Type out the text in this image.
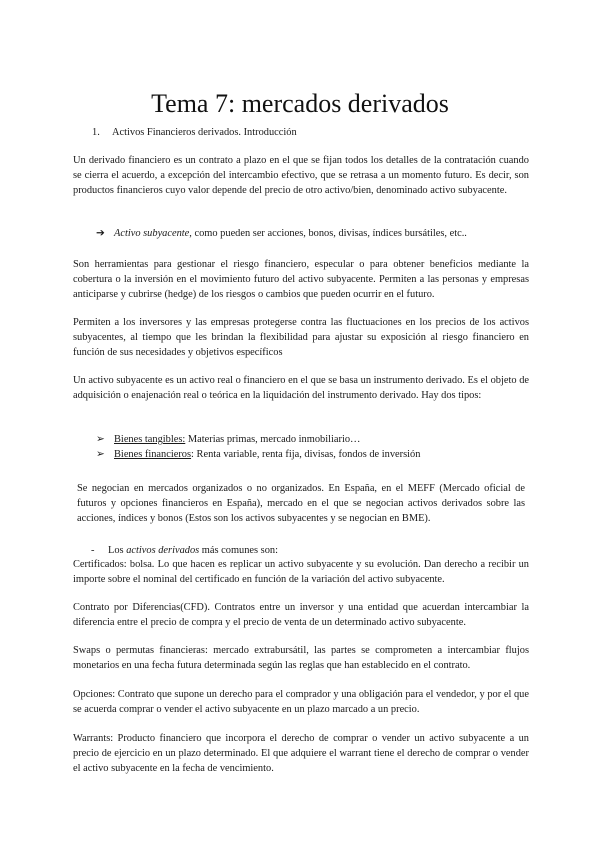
Tema 7: mercados derivados
1. Activos Financieros derivados. Introducción
Un derivado financiero es un contrato a plazo en el que se fijan todos los detalles de la contratación cuando se cierra el acuerdo, a excepción del intercambio efectivo, que se retrasa a un momento futuro. Es decir, son productos financieros cuyo valor depende del precio de otro activo/bien, denominado activo subyacente.
➔ Activo subyacente, como pueden ser acciones, bonos, divisas, índices bursátiles, etc..
Son herramientas para gestionar el riesgo financiero, especular o para obtener beneficios mediante la cobertura o la inversión en el movimiento futuro del activo subyacente. Permiten a las personas y empresas anticiparse y cubrirse (hedge) de los riesgos o cambios que pueden ocurrir en el futuro.
Permiten a los inversores y las empresas protegerse contra las fluctuaciones en los precios de los activos subyacentes, al tiempo que les brindan la flexibilidad para ajustar su exposición al riesgo financiero en función de sus necesidades y objetivos específicos
Un activo subyacente es un activo real o financiero en el que se basa un instrumento derivado. Es el objeto de adquisición o enajenación real o teórica en la liquidación del instrumento derivado. Hay dos tipos:
➢ Bienes tangibles: Materias primas, mercado inmobiliario…
➢ Bienes financieros: Renta variable, renta fija, divisas, fondos de inversión
Se negocian en mercados organizados o no organizados. En España, en el MEFF (Mercado oficial de futuros y opciones financieros en España), mercado en el que se negocian activos derivados sobre las acciones, índices y bonos (Estos son los activos subyacentes y se negocian en BME).
- Los activos derivados más comunes son:
Certificados: bolsa. Lo que hacen es replicar un activo subyacente y su evolución. Dan derecho a recibir un importe sobre el nominal del certificado en función de la variación del activo subyacente.
Contrato por Diferencias(CFD). Contratos entre un inversor y una entidad que acuerdan intercambiar la diferencia entre el precio de compra y el precio de venta de un determinado activo subyacente.
Swaps o permutas financieras: mercado extrabursátil, las partes se comprometen a intercambiar flujos monetarios en una fecha futura determinada según las reglas que han establecido en el contrato.
Opciones: Contrato que supone un derecho para el comprador y una obligación para el vendedor, y por el que se acuerda comprar o vender el activo subyacente en un plazo marcado a un precio.
Warrants: Producto financiero que incorpora el derecho de comprar o vender un activo subyacente a un precio de ejercicio en un plazo determinado. El que adquiere el warrant tiene el derecho de comprar o vender el activo subyacente en la fecha de vencimiento.
